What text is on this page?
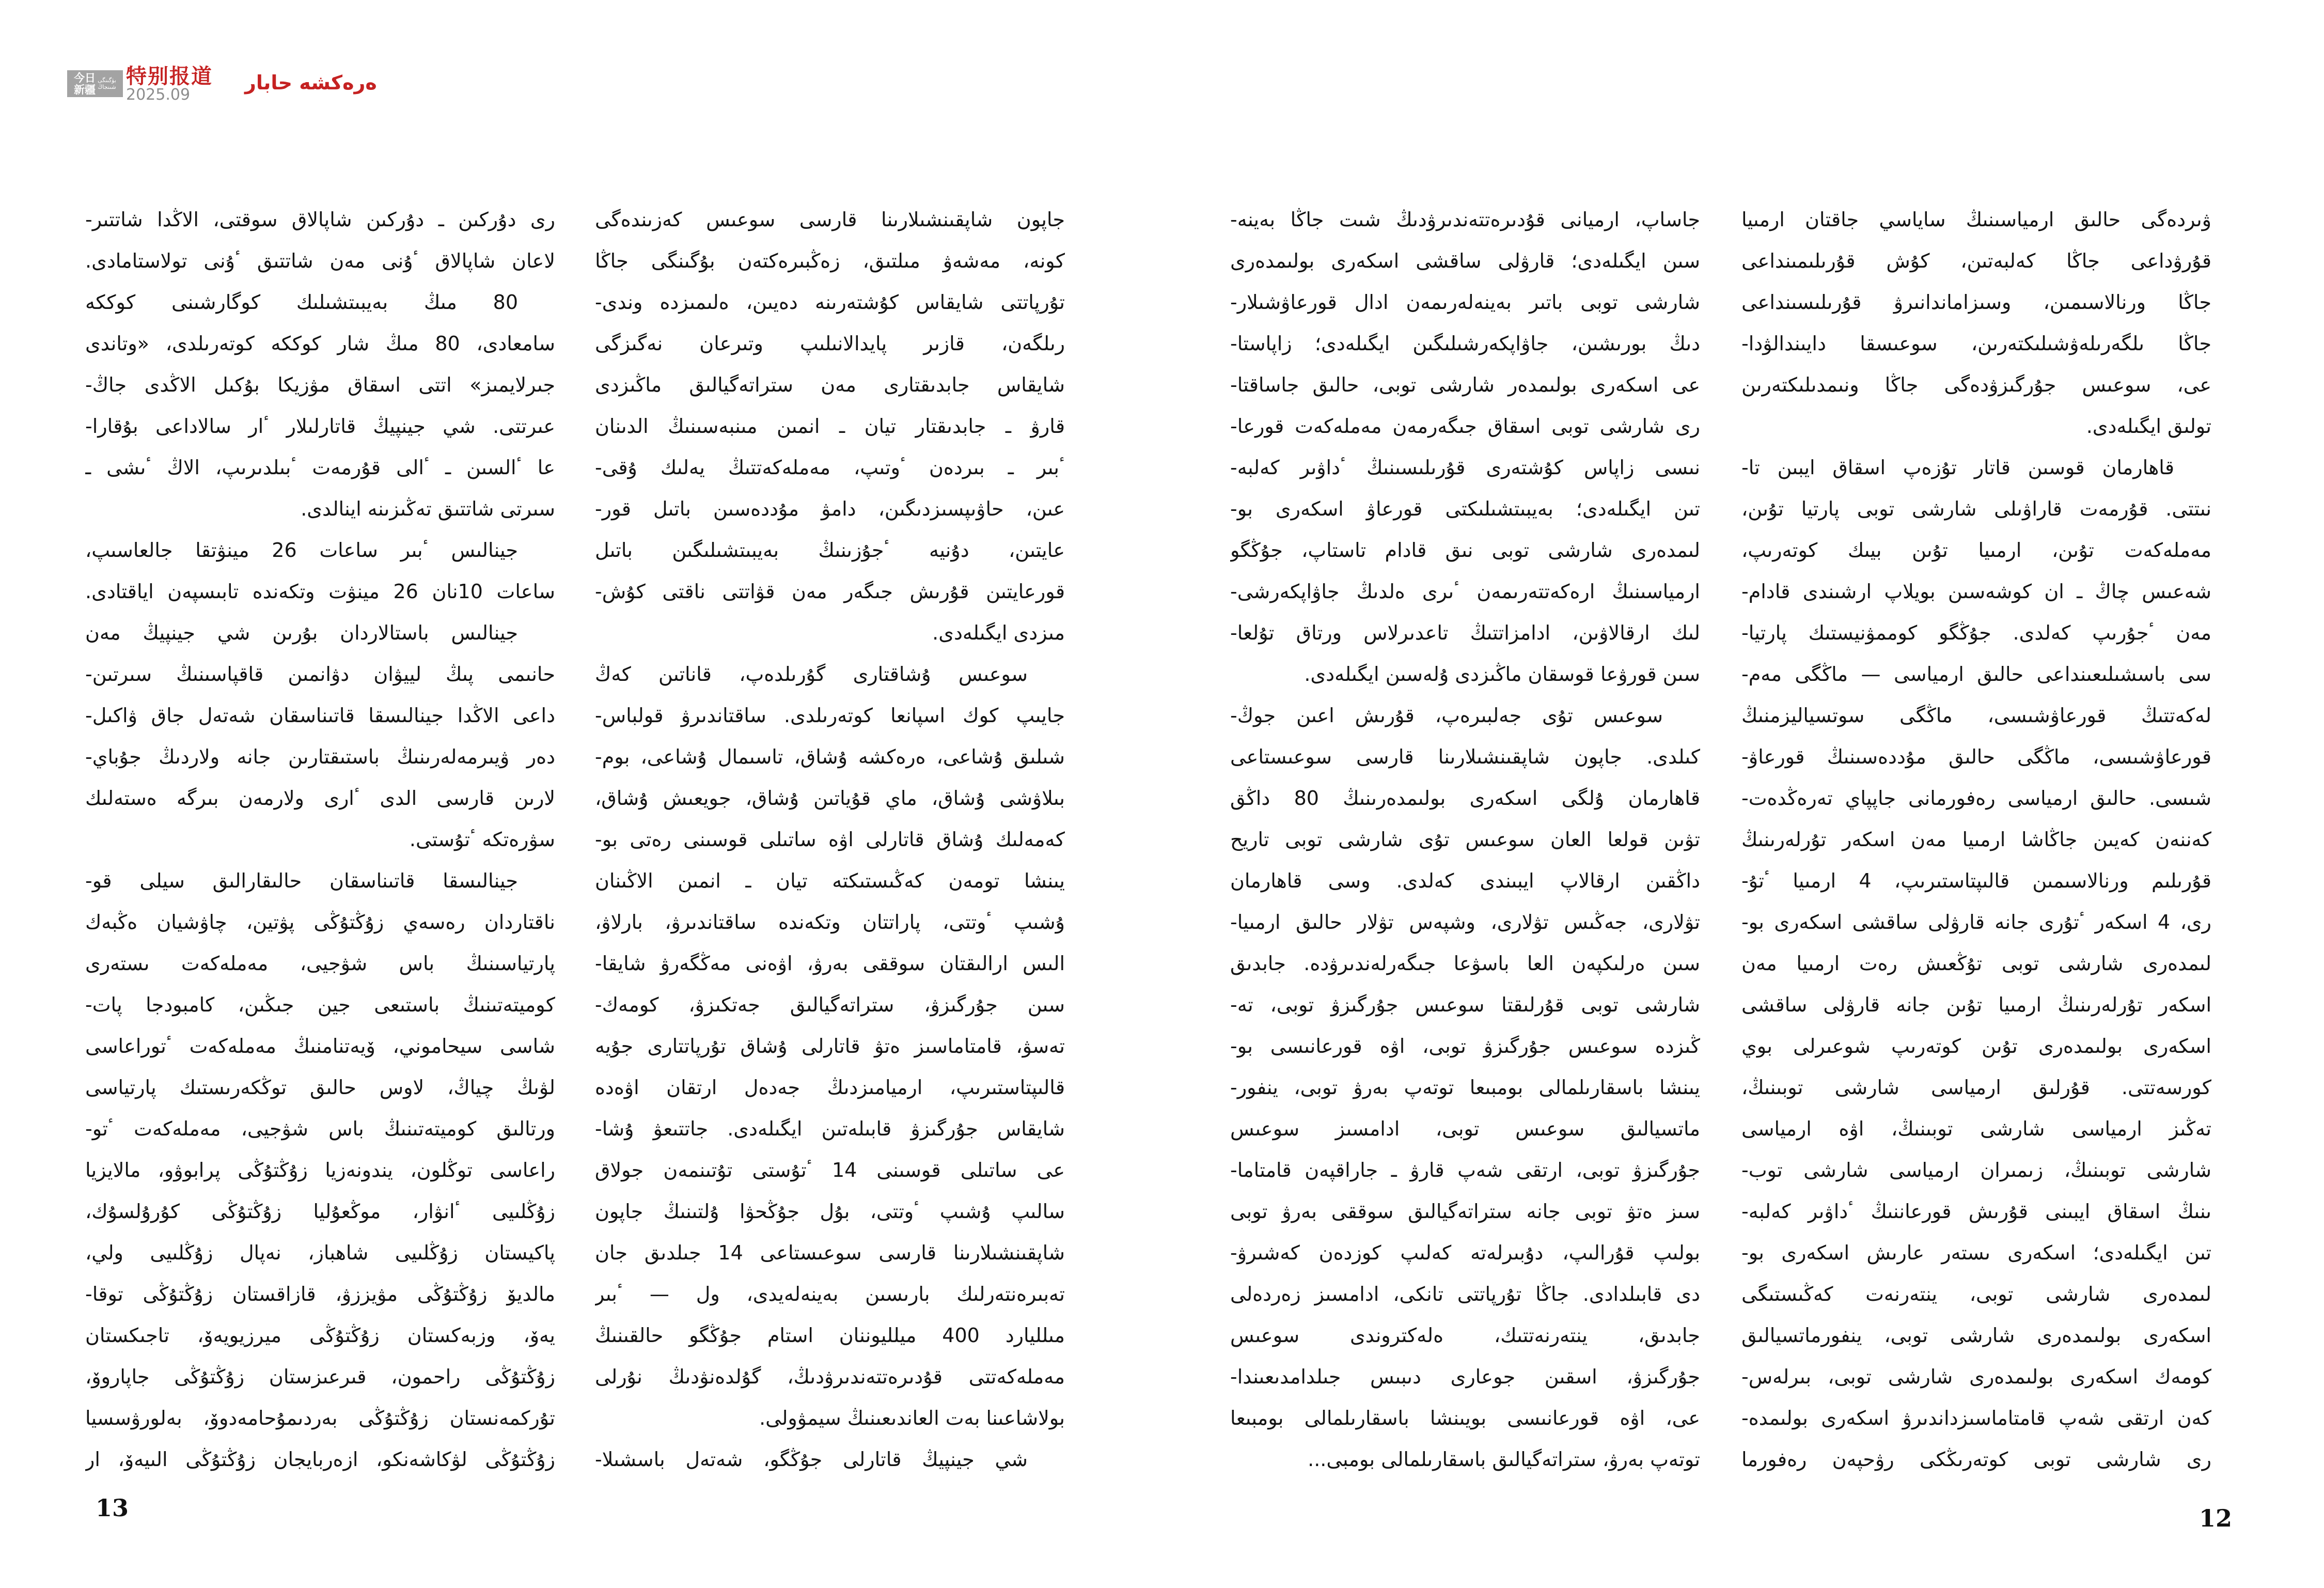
今日
新疆
بۈگىنگى
شىنجاڭ 特别报道
2025.09
ەرەكشە حابار
رى دۇركىن ـ دۇركىن شاپالاق سوقتى، الاڭدا شاتتىر-
لاعان شاپالاق ٴۇنى مەن شاتتىق ٴۇنى تولاستامادى.
80 مىڭ بەيبىتشىلىك كوگارشىنى كوككە
سامعادى، 80 مىڭ شار كوككە كوتەرىلدى، «وتاندى
جىرلايمىز» اتتى اسقاق مۋزيكا بۇكىل الاڭدى جاڭ-
عىرتتى. شي جينپيڭ قاتارلىلار ٴار سالاداعى بۇقارا-
عا ٴالسىن ـ ٴالى قۇرمەت ٴبىلدىرىپ، الاڭ ٴىشى ـ
سىرتى شاتتىق تەڭىزىنە اينالدى.
جينالىس ٴبىر ساعات 26 مينۋتقا جالعاسىپ،
ساعات 10نان 26 مينۋت وتكەندە تابىسپەن اياقتادى.
جينالىس باستالاردان بۇرىن شي جينپيڭ مەن
حانىمى پىڭ لييۋان دۋانمىن قاقپاسىنىڭ سىرتىن-
داعى الاڭدا جينالىسقا قاتىناسقان شەتەل جاق ۋاكىل-
دەر ۋيىرمەلەرىنىڭ باستىقتارىن جانە ولاردىڭ جۇباي-
لارىن قارسى الدى ٴارى ولارمەن بىرگە ەستەلىك
سۋرەتكە ٴتۇستى.
جينالىسقا قاتىناسقان حالىقارالىق سيلى قو-
ناقتاردان رەسەي زۇڭتۇڭى پۋتين، چاۋشيان ەڭبەك
پارتياسىنىڭ باس شۋجيى، مەملەكەت ىستەرى
كوميتەتىنىڭ باستىعى جين جىڭىن، كامبودجا پات-
شاسى سيحاموني، ۆيەتنامنىڭ مەملەكەت ٴتوراعاسى
لۋىڭ چياڭ، لاوس حالىق توڭكەرىستىك پارتياسى
ورتالىق كوميتەتىنىڭ باس شۋجيى، مەملەكەت ٴتو-
راعاسى توڭلون، يندونەزيا زۇڭتۇڭى پرابوۋو، مالايزيا
زۇڭلىيى ٴانۋار، موڭعۇليا زۇڭتۇڭى كۇرۇلسۇك،
پاكيستان زۇڭلىيى شاھباز، نەپال زۇڭلىيى ولي،
مالديۆ زۇڭتۇڭى مۋيززۋ، قازاقستان زۇڭتۇڭى توقا-
يەۆ، وزبەكستان زۇڭتۇڭى ميرزيويەۆ، تاجىكستان
زۇڭتۇڭى راحمون، قىرعىزستان زۇڭتۇڭى جاپاروۆ،
تۇركمەنستان زۇڭتۇڭى بەردىمۇحامەدوۆ، بەلورۋسسيا
زۇڭتۇڭى لۋكاشەنكو، ازەربايجان زۇڭتۇڭى الىيەۆ، ار
جاپون شاپقىنشىلارىنا قارسى سوعىس كەزىندەگى
كونە، مەشەۋ مىلتىق، زەڭبىرەكتەن بۇگىنگى جاڭا
تۇرپاتتى شايقاس كۇشتەرىنە دەيىن، ەلىمىزدە وندى-
رىلگەن، قازىر پايدالانىلىپ وتىرعان نەگىزگى
شايقاس جابدىقتارى مەن ستراتەگيالىق ماڭىزدى
قارۋ ـ جابدىقتار تيان ـ انمىن مىنبەسىنىڭ الدىنان
ٴبىر ـ بىردەن ٴوتىپ، مەملەكەتتىڭ يەلىك ۇقى-
عىن، حاۋىپسىزدىگىن، دامۋ مۇددەسىن باتىل قور-
عايتىن، دۇنيە ٴجۇزىنىڭ بەيبىتشىلىگىن باتىل
قورعايتىن قۇرىش جىگەر مەن قۋاتتى ناقتى كۇش-
مىزدى ايگىلەدى.
سوعىس ۇشاقتارى گۇرىلدەپ، قاناتىن كەڭ
جايىپ كوك اسپانعا كوتەرىلدى. ساقتاندىرۋ قولباس-
شىلىق ۇشاعى، ەرەكشە ۇشاق، تاسىمال ۇشاعى، بوم-
بىلاۋشى ۇشاق، ماي قۇياتىن ۇشاق، جويعىش ۇشاق،
كەمەلىك ۇشاق قاتارلى اۋە ساتىلى قوسىنى رەتى بو-
يىنشا تومەن كەڭىستىكتە تيان ـ انمىن الاڭىنان
ۇشىپ ٴوتتى، پاراتتان وتكەندە ساقتاندىرۋ، بارلاۋ،
الىس ارالىقتان سوققى بەرۋ، اۋەنى مەڭگەرۋ شايقا-
سىن جۇرگىزۋ، ستراتەگيالىق جەتكىزۋ، كومەك-
تەسۋ، قامتاماسىز ەتۋ قاتارلى ۇشاق تۇرپاتتارى جۇيە
قالىپتاستىرىپ، ارميامىزدىڭ جەدەل ارتقان اۋەدە
شايقاس جۇرگىزۋ قابىلەتىن ايگىلەدى. جاتتىعۋ ۇشا-
عى ساتىلى قوسىنى 14 ٴتۇستى تۇتىنمەن جولاق
سالىپ ۇشىپ ٴوتتى، بۇل جۇڭحۋا ۇلتىنىڭ جاپون
شاپقىنشىلارىنا قارسى سوعىستاعى 14 جىلدىق جان
تەبىرەنتەرلىك بارىسىن بەينەلەيدى، ول — ٴبىر
مىلليارد 400 ميلليوننان استام جۇڭگو حالقىنىڭ
مەملەكەتتى قۇدىرەتتەندىرۋدىڭ، گۇلدەنۋدىڭ نۇرلى
بولاشاعىنا بەت العاندىعىنىڭ سيمۋولى.
شي جينپيڭ قاتارلى جۇڭگو، شەتەل باسشىلا-
جاساپ، ارميانى قۇدىرەتتەندىرۋدىڭ شىت جاڭا بەينە-
سىن ايگىلەدى؛ قارۋلى ساقشى اسكەرى بولىمدەرى
شارشى توبى باتىر بەينەلەرىمەن ادال قورعاۋشىلار-
دىڭ بورىشىن، جاۋاپكەرشىلىگىن ايگىلەدى؛ زاپاستا-
عى اسكەرى بولىمدەر شارشى توبى، حالىق جاساقتا-
رى شارشى توبى اسقاق جىگەرمەن مەملەكەت قورعا-
نىسى زاپاس كۇشتەرى قۇرىلىسىنىڭ ٴداۋىر كەلبە-
تىن ايگىلەدى؛ بەيبىتشىلىكتى قورعاۋ اسكەرى بو-
لىمدەرى شارشى توبى نىق قادام تاستاپ، جۇڭگو
ارمياسىنىڭ ارەكەتتەرىمەن ٴىرى ەلدىڭ جاۋاپكەرشى-
لىك ارقالاۋىن، ادامزاتتىڭ تاعدىرلاس ورتاق تۇلعا-
سىن قورۋعا قوسقان ماڭىزدى ۇلەسىن ايگىلەدى.
سوعىس تۇى جەلبىرەپ، قۇرىش اعىن جوڭ-
كىلدى. جاپون شاپقىنشىلارىنا قارسى سوعىستاعى
قاھارمان ۇلگى اسكەرى بولىمدەرىنىڭ 80 داڭق
تۋىن قولعا العان سوعىس تۇى شارشى توبى تاريح
داڭقىن ارقالاپ ايبىندى كەلدى. وسى قاھارمان
تۋلارى، جەڭىس تۋلارى، وشپەس تۋلار حالىق ارمىيا-
سىن ەرلىكپەن العا باسۋعا جىگەرلەندىرۋدە. جابدىق
شارشى توبى قۇرلىقتا سوعىس جۇرگىزۋ توبى، تە-
ڭىزدە سوعىس جۇرگىزۋ توبى، اۋە قورعانىسى بو-
يىنشا باسقارىلمالى بومبىعا توتەپ بەرۋ توبى، ينفور-
ماتسيالىق سوعىس توبى، ادامسىز سوعىس
جۇرگىزۋ توبى، ارتقى شەپ قارۋ ـ جاراقپەن قامتاما-
سىز ەتۋ توبى جانە ستراتەگيالىق سوققى بەرۋ توبى
بولىپ قۇرالىپ، دۇبىرلەتە كەلىپ كوزدەن كەشىرۋ-
دى قابىلدادى. جاڭا تۇرپاتتى تانكى، ادامسىز زەردەلى
جابدىق، ينتەرنەتتىك، ەلەكتروندى سوعىس
جۇرگىزۋ، اسقىن جوعارى دىبىس جىلدامدىعىندا-
عى، اۋە قورعانىسى بويىنشا باسقارىلمالى بومبىعا
توتەپ بەرۋ، ستراتەگيالىق باسقارىلمالى بومبى...
ۋىردەگى حالىق ارمياسىنىڭ ساياسي جاقتان ارمىيا
قۇرۋداعى جاڭا كەلبەتىن، كۇش قۇرىلىمىنداعى
جاڭا ورنالاسىمىن، وسىزاماندانىرۋ قۇرىلىسىنداعى
جاڭا ىلگەرىلەۋشىلىكتەرىن، سوعىسقا دايىندالۋدا-
عى، سوعىس جۇرگىزۋدەگى جاڭا ونىمدىلىكتەرىن
تولىق ايگىلەدى.
قاھارمان قوسىن قاتار تۇزەپ اسقاق ايبىن تا-
نىتتى. قۇرمەت قاراۋىلى شارشى توبى پارتيا تۇىن،
مەملەكەت تۇىن، ارمىيا تۇىن بيىك كوتەرىپ،
شەعىس چاڭ ـ ان كوشەسىن بويلاپ ارشىندى قادام-
مەن ٴجۇرىپ كەلدى. جۇڭگو كوممۋنيستىك پارتيا-
سى باسشىلىعىنداعى حالىق ارمياسى — ماڭگى مەم-
لەكەتتىڭ قورعاۋشىسى، ماڭگى سوتسياليزمنىڭ
قورعاۋشىسى، ماڭگى حالىق مۇددەسىنىڭ قورعاۋ-
شىسى. حالىق ارمياسى رەفورمانى جاپپاي تەرەڭدەت-
كەننەن كەيىن جاڭاشا ارمىيا مەن اسكەر تۇرلەرىنىڭ
قۇرىلىم ورنالاسىمىن قالىپتاستىرىپ، 4 ارمىيا ٴتۇ-
رى، 4 اسكەر ٴتۇرى جانە قارۋلى ساقشى اسكەرى بو-
لىمدەرى شارشى توبى تۇڭعىش رەت ارمىيا مەن
اسكەر تۇرلەرىنىڭ ارمىيا تۇىن جانە قارۋلى ساقشى
اسكەرى بولىمدەرى تۇىن كوتەرىپ شوعىرلى بوي
كورسەتتى. قۇرلىق ارمياسى شارشى توبىنىڭ،
تەڭىز ارمياسى شارشى توبىنىڭ، اۋە ارمياسى
شارشى توبىنىڭ، زىمىران ارمياسى شارشى توب-
ىنىڭ اسقاق ايبىنى قۇرىش قورعاننىڭ ٴداۋىر كەلبە-
تىن ايگىلەدى؛ اسكەرى ىستەر عارىش اسكەرى بو-
لىمدەرى شارشى توبى، ينتەرنەت كەڭىستىگى
اسكەرى بولىمدەرى شارشى توبى، ينفورماتسيالىق
كومەك اسكەرى بولىمدەرى شارشى توبى، بىرلەس-
كەن ارتقى شەپ قامتاماسىزداندىرۋ اسكەرى بولىمدە-
رى شارشى توبى كوتەرىڭكى رۋحپەن رەفورما
13	12
